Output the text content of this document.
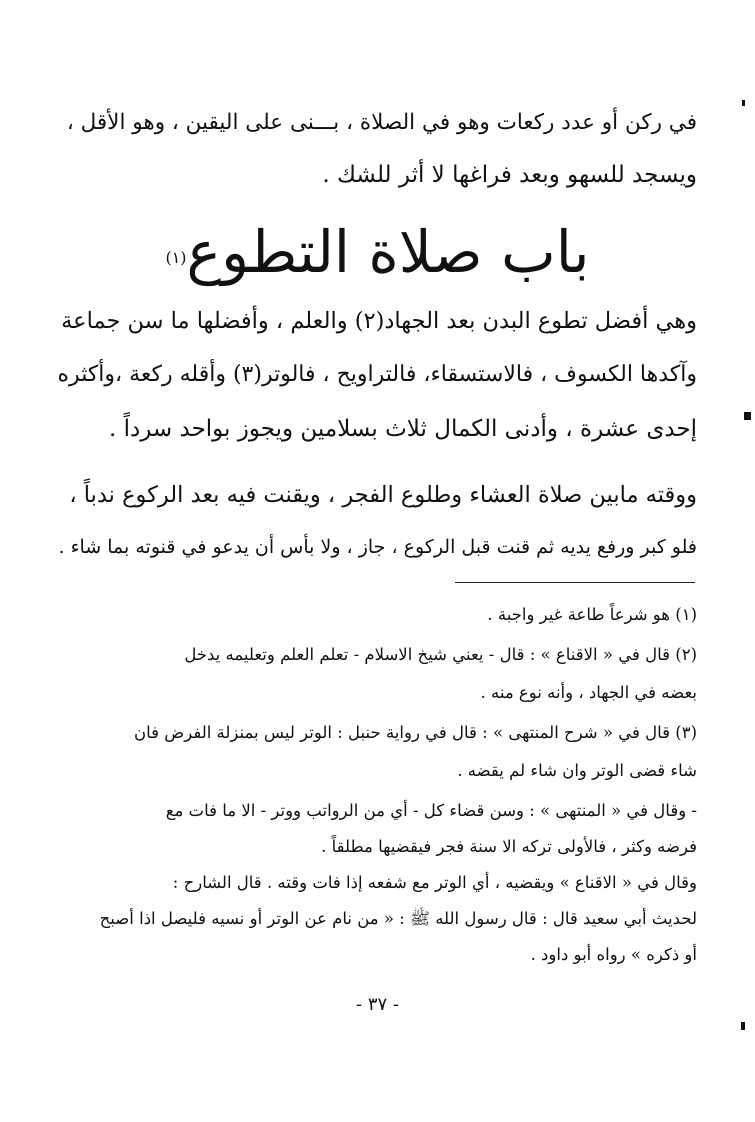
في ركن أو عدد ركعات وهو في الصلاة ، بـــنى على اليقين ، وهو الأقل ،
ويسجد للسهو وبعد فراغها لا أثر للشك .
باب صلاة التطوع$^{(١)}$
وهي أفضل تطوع البدن بعد الجهاد(٢) والعلم ، وأفضلها ما سن جماعة
وآكدها الكسوف ، فالاستسقاء، فالتراويح ، فالوتر(٣) وأقله ركعة ،وأكثره
إحدى عشرة ، وأدنى الكمال ثلاث بسلامين ويجوز بواحد سرداً .
ووقته مابين صلاة العشاء وطلوع الفجر ، ويقنت فيه بعد الركوع ندباً ،
فلو كبر ورفع يديه ثم قنت قبل الركوع ، جاز ، ولا بأس أن يدعو في قنوته بما شاء .
(١) هو شرعاً طاعة غير واجبة .
(٢) قال في « الاقناع » : قال - يعني شيخ الاسلام - تعلم العلم وتعليمه يدخل
بعضه في الجهاد ، وأنه نوع منه .
(٣) قال في « شرح المنتهى » : قال في رواية حنبل : الوتر ليس بمنزلة الفرض فان
شاء قضى الوتر وان شاء لم يقضه .
- وقال في « المنتهى » : وسن قضاء كل - أي من الرواتب ووتر - الا ما فات مع
فرضه وكثر ، فالأولى تركه الا سنة فجر فيقضيها مطلقاً .
وقال في « الاقناع » ويقضيه ، أي الوتر مع شفعه إذا فات وقته . قال الشارح :
لحديث أبي سعيد قال : قال رسول الله ﷺ : « من نام عن الوتر أو نسيه فليصل اذا أصبح
أو ذكره » رواه أبو داود .
- ٣٧ -
